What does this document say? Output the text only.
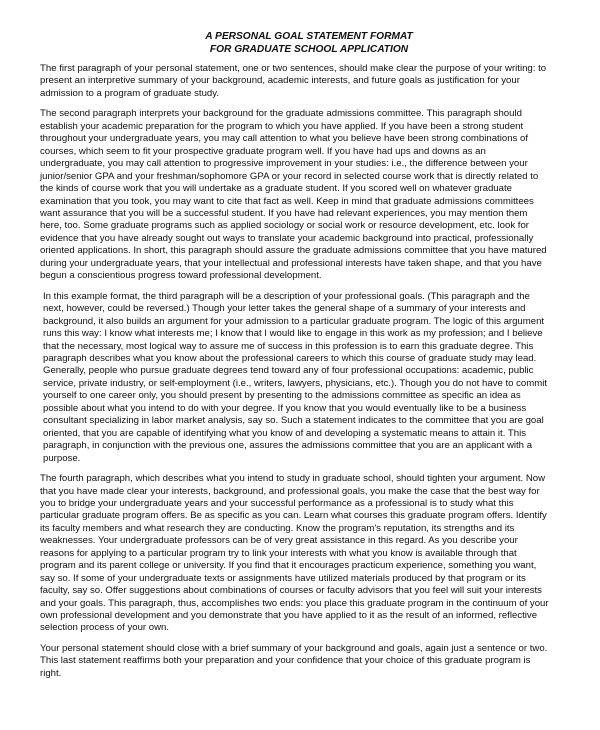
A PERSONAL GOAL STATEMENT FORMAT
FOR GRADUATE SCHOOL APPLICATION

The first paragraph of your personal statement, one or two sentences, should make clear the purpose of your writing: to present an interpretive summary of your background, academic interests, and future goals as justification for your admission to a program of graduate study.

The second paragraph interprets your background for the graduate admissions committee. This paragraph should establish your academic preparation for the program to which you have applied. If you have been a strong student throughout your undergraduate years, you may call attention to what you believe have been strong combinations of courses, which seem to fit your prospective graduate program well. If you have had ups and downs as an undergraduate, you may call attention to progressive improvement in your studies: i.e., the difference between your junior/senior GPA and your freshman/sophomore GPA or your record in selected course work that is directly related to the kinds of course work that you will undertake as a graduate student. If you scored well on whatever graduate examination that you took, you may want to cite that fact as well. Keep in mind that graduate admissions committees want assurance that you will be a successful student. If you have had relevant experiences, you may mention them here, too. Some graduate programs such as applied sociology or social work or resource development, etc. look for evidence that you have already sought out ways to translate your academic background into practical, professionally oriented applications. In short, this paragraph should assure the graduate admissions committee that you have matured during your undergraduate years, that your intellectual and professional interests have taken shape, and that you have begun a conscientious progress toward professional development.

In this example format, the third paragraph will be a description of your professional goals. (This paragraph and the next, however, could be reversed.) Though your letter takes the general shape of a summary of your interests and background, it also builds an argument for your admission to a particular graduate program. The logic of this argument runs this way: I know what interests me; I know that I would like to engage in this work as my profession; and I believe that the necessary, most logical way to assure me of success in this profession is to earn this graduate degree. This paragraph describes what you know about the professional careers to which this course of graduate study may lead. Generally, people who pursue graduate degrees tend toward any of four professional occupations: academic, public service, private industry, or self-employment (i.e., writers, lawyers, physicians, etc.). Though you do not have to commit yourself to one career only, you should present by presenting to the admissions committee as specific an idea as possible about what you intend to do with your degree. If you know that you would eventually like to be a business consultant specializing in labor market analysis, say so. Such a statement indicates to the committee that you are goal oriented, that you are capable of identifying what you know of and developing a systematic means to attain it. This paragraph, in conjunction with the previous one, assures the admissions committee that you are an applicant with a purpose.

The fourth paragraph, which describes what you intend to study in graduate school, should tighten your argument. Now that you have made clear your interests, background, and professional goals, you make the case that the best way for you to bridge your undergraduate years and your successful performance as a professional is to study what this particular graduate program offers. Be as specific as you can. Learn what courses this graduate program offers. Identify its faculty members and what research they are conducting. Know the program's reputation, its strengths and its weaknesses. Your undergraduate professors can be of very great assistance in this regard. As you describe your reasons for applying to a particular program try to link your interests with what you know is available through that program and its parent college or university. If you find that it encourages practicum experience, something you want, say so. If some of your undergraduate texts or assignments have utilized materials produced by that program or its faculty, say so. Offer suggestions about combinations of courses or faculty advisors that you feel will suit your interests and your goals. This paragraph, thus, accomplishes two ends: you place this graduate program in the continuum of your own professional development and you demonstrate that you have applied to it as the result of an informed, reflective selection process of your own.

Your personal statement should close with a brief summary of your background and goals, again just a sentence or two. This last statement reaffirms both your preparation and your confidence that your choice of this graduate program is right.
